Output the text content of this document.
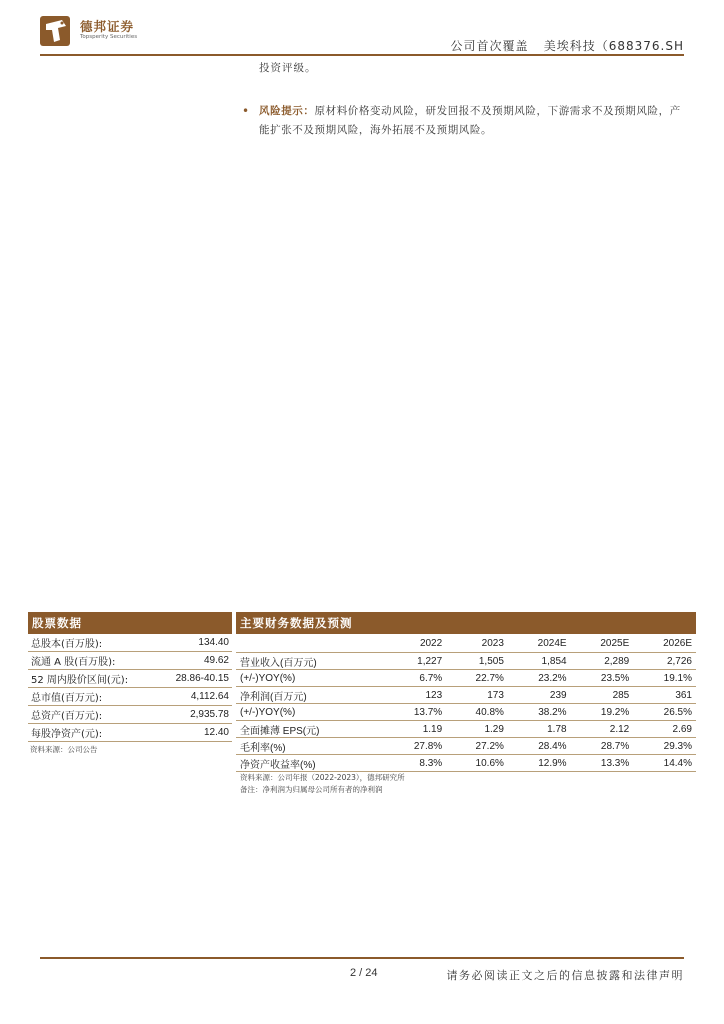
德邦证券
Topsperity Securities
公司首次覆盖 美埃科技（688376.SH
投资评级。
• 风险提示：原材料价格变动风险，研发回报不及预期风险，下游需求不及预期风险，产能扩张不及预期风险，海外拓展不及预期风险。
股票数据
总股本(百万股):	134.40
流通 A 股(百万股):	49.62
52 周内股价区间(元):	28.86-40.15
总市值(百万元):	4,112.64
总资产(百万元):	2,935.78
每股净资产(元):	12.40
资料来源：公司公告
主要财务数据及预测
	2022	2023	2024E	2025E	2026E
营业收入(百万元)	1,227	1,505	1,854	2,289	2,726
(+/-)YOY(%)	6.7%	22.7%	23.2%	23.5%	19.1%
净利润(百万元)	123	173	239	285	361
(+/-)YOY(%)	13.7%	40.8%	38.2%	19.2%	26.5%
全面摊薄 EPS(元)	1.19	1.29	1.78	2.12	2.69
毛利率(%)	27.8%	27.2%	28.4%	28.7%	29.3%
净资产收益率(%)	8.3%	10.6%	12.9%	13.3%	14.4%
资料来源：公司年报（2022-2023），德邦研究所
备注：净利润为归属母公司所有者的净利润
2 / 24	请务必阅读正文之后的信息披露和法律声明
